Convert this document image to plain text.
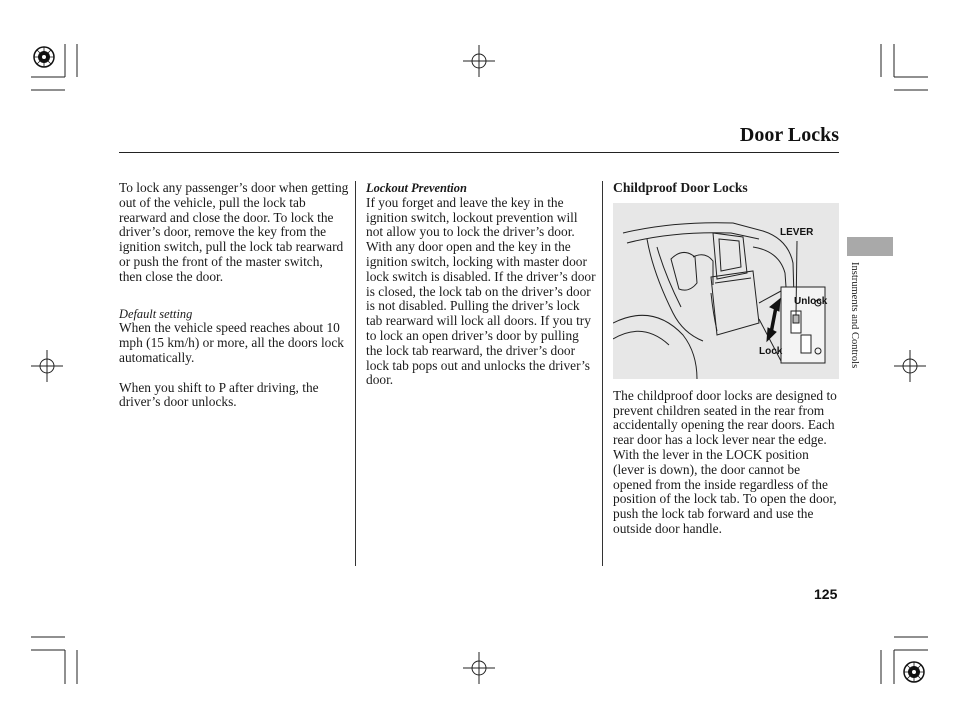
Door Locks

To lock any passenger’s door when getting out of the vehicle, pull the lock tab rearward and close the door. To lock the driver’s door, remove the key from the ignition switch, pull the lock tab rearward or push the front of the master switch, then close the door.

Default setting

When the vehicle speed reaches about 10 mph (15 km/h) or more, all the doors lock automatically.

When you shift to P after driving, the driver’s door unlocks.

Lockout Prevention

If you forget and leave the key in the ignition switch, lockout prevention will not allow you to lock the driver’s door. With any door open and the key in the ignition switch, locking with master door lock switch is disabled. If the driver’s door is closed, the lock tab on the driver’s door is not disabled. Pulling the driver’s lock tab rearward will lock all doors. If you try to lock an open driver’s door by pulling the lock tab rearward, the driver’s door lock tab pops out and unlocks the driver’s door.

Childproof Door Locks

The childproof door locks are designed to prevent children seated in the rear from accidentally opening the rear doors. Each rear door has a lock lever near the edge. With the lever in the LOCK position (lever is down), the door cannot be opened from the inside regardless of the position of the lock tab. To open the door, push the lock tab forward and use the outside door handle.

LEVER
Unlock
Lock	Instruments and Controls
125
